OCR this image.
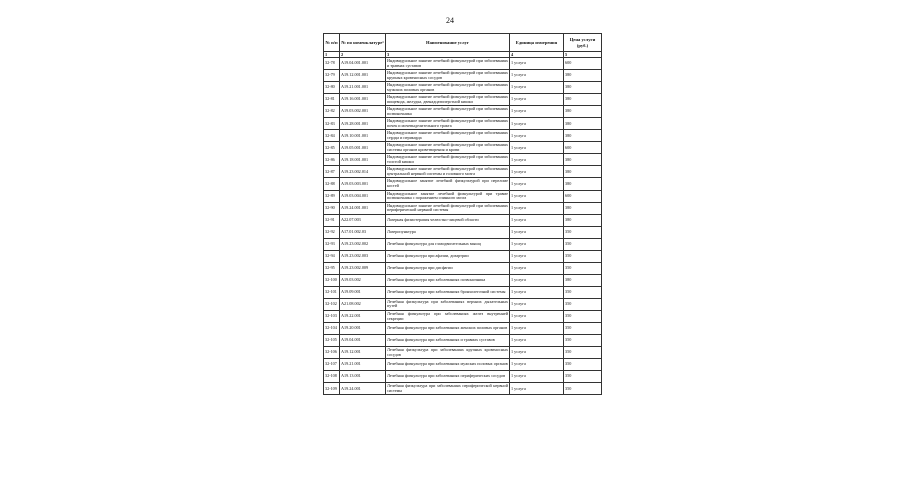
24
№ п/п	№ по номенклатуре¹	Наименование услуг	Единица измерения	Цена услуги (руб.)
1	2	3	4	5
32-78	A19.04.001.001	Индивидуальное занятие лечебной физкультурой при заболеваниях и травмах суставов	1 услуга	600
32-79	A19.12.001.001	Индивидуальное занятие лечебной физкультурой при заболеваниях крупных кровеносных сосудов	1 услуга	380
32-80	A19.21.001.001	Индивидуальное занятие лечебной физкультурой при заболеваниях мужских половых органов	1 услуга	380
32-81	A19.16.001.001	Индивидуальное занятие лечебной физкультурой при заболеваниях пищевода, желудка, двенадцатиперстной кишки	1 услуга	380
32-82	A19.03.002.001	Индивидуальное занятие лечебной физкультурой при заболеваниях позвоночника	1 услуга	380
32-83	A19.28.001.001	Индивидуальное занятие лечебной физкультурой при заболеваниях почек и мочевыделительного тракта	1 услуга	380
32-84	A19.10.001.001	Индивидуальное занятие лечебной физкультурой при заболеваниях сердца и перикарда	1 услуга	380
32-85	A19.05.001.001	Индивидуальное занятие лечебной физкультурой при заболеваниях системы органов кроветворения и крови	1 услуга	600
32-86	A19.18.001.001	Индивидуальное занятие лечебной физкультурой при заболеваниях толстой кишки	1 услуга	380
32-87	A19.23.002.014	Индивидуальное занятие лечебной физкультурой при заболеваниях центральной нервной системы и головного мозга	1 услуга	380
32-88	A19.03.003.001	Индивидуальное занятие лечебной физкультурой при переломе костей	1 услуга	380
32-89	A19.03.004.001	Индивидуальное занятие лечебной физкультурой при травме позвоночника с поражением спинного мозга	1 услуга	600
32-90	A19.24.001.001	Индивидуальное занятие лечебной физкультурой при заболеваниях периферической нервной системы	1 услуга	380
32-91	A22.07.003	Лазерная физиотерапия челюстно-лицевой области	1 услуга	380
32-92	A17.01.002.03	Лазеропунктура	1 услуга	350
32-93	A19.23.002.002	Лечебная физкультура для глазодвигательных мышц	1 услуга	350
32-94	A19.23.002.003	Лечебная физкультура при афазии, дизартрии	1 услуга	350
32-95	A19.23.002.009	Лечебная физкультура при дисфагии	1 услуга	350
32-100	A19.03.002	Лечебная физкультура при заболеваниях позвоночника	1 услуга	380
32-101	A19.09.001	Лечебная физкультура при заболеваниях бронхолегочной системы	1 услуга	350
32-102	A21.08.002	Лечебная физкультура при заболеваниях верхних дыхательных путей	1 услуга	350
32-103	A19.22.001	Лечебная физкультура при заболеваниях желез внутренней секреции	1 услуга	350
32-104	A19.20.001	Лечебная физкультура при заболеваниях женских половых органов	1 услуга	350
32-105	A19.04.001	Лечебная физкультура при заболеваниях и травмах суставов	1 услуга	350
32-106	A19.12.001	Лечебная физкультура при заболеваниях крупных кровеносных сосудов	1 услуга	350
32-107	A19.21.001	Лечебная физкультура при заболеваниях мужских половых органов	1 услуга	350
32-108	A19.13.001	Лечебная физкультура при заболеваниях периферических сосудов	1 услуга	350
32-109	A19.24.001	Лечебная физкультура при заболеваниях периферической нервной системы	1 услуга	350
